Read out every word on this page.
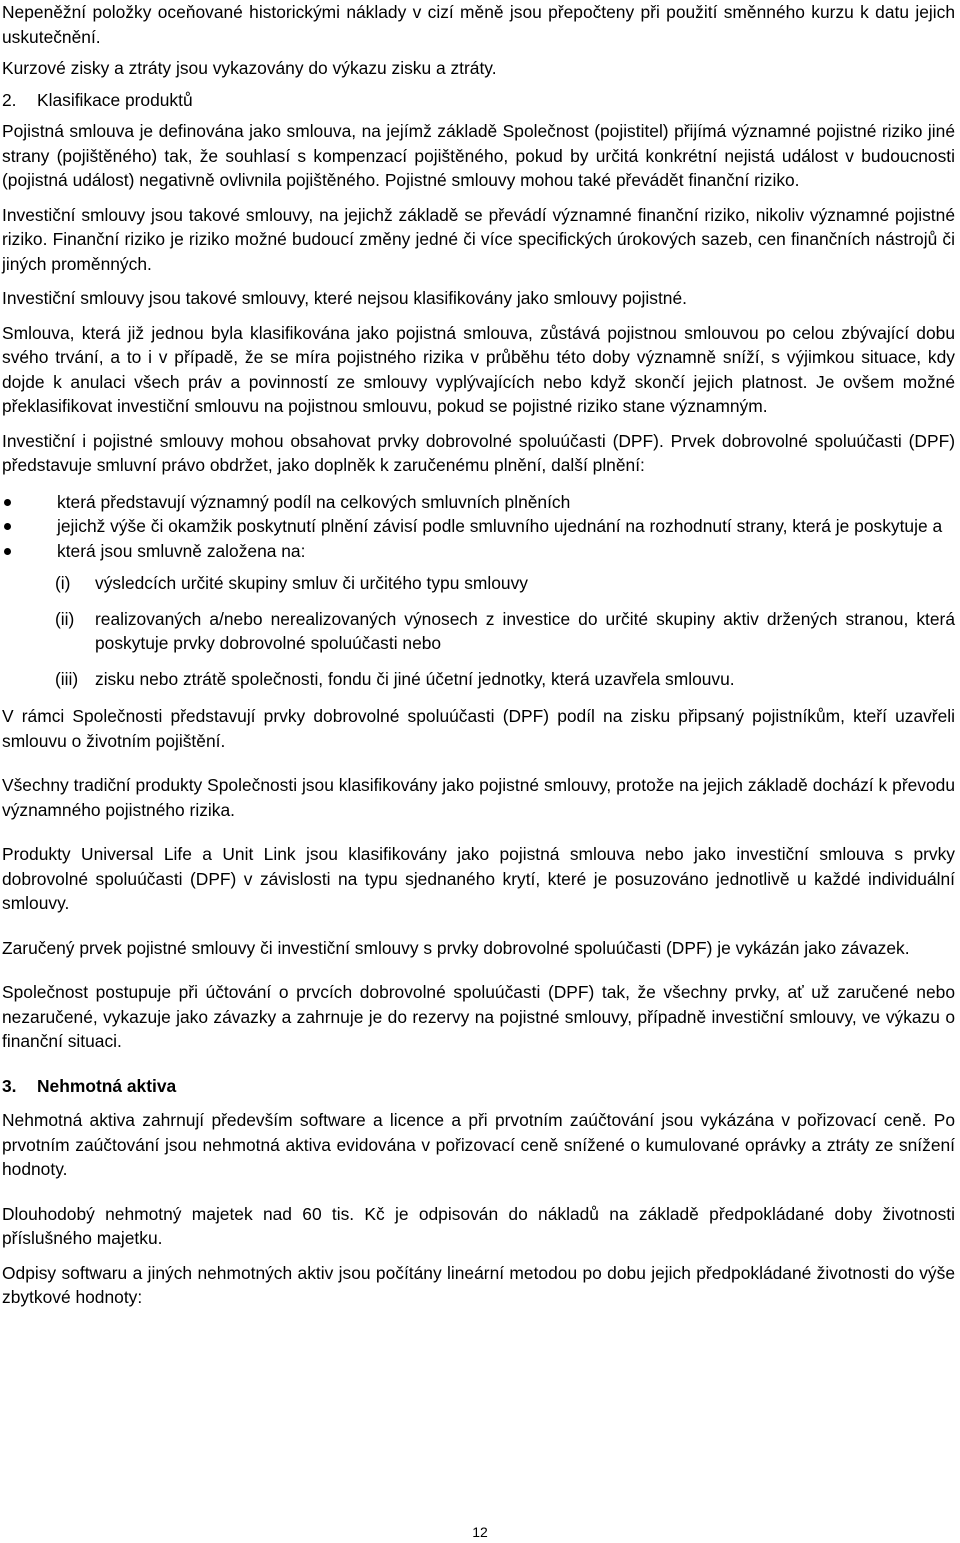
Nepeněžní položky oceňované historickými náklady v cizí měně jsou přepočteny při použití směnného kurzu k datu jejich uskutečnění.

Kurzové zisky a ztráty jsou vykazovány do výkazu zisku a ztráty.

2. Klasifikace produktů

Pojistná smlouva je definována jako smlouva, na jejímž základě Společnost (pojistitel) přijímá významné pojistné riziko jiné strany (pojištěného) tak, že souhlasí s kompenzací pojištěného, pokud by určitá konkrétní nejistá událost v budoucnosti (pojistná událost) negativně ovlivnila pojištěného. Pojistné smlouvy mohou také převádět finanční riziko.

Investiční smlouvy jsou takové smlouvy, na jejichž základě se převádí významné finanční riziko, nikoliv významné pojistné riziko. Finanční riziko je riziko možné budoucí změny jedné či více specifických úrokových sazeb, cen finančních nástrojů či jiných proměnných.

Investiční smlouvy jsou takové smlouvy, které nejsou klasifikovány jako smlouvy pojistné.

Smlouva, která již jednou byla klasifikována jako pojistná smlouva, zůstává pojistnou smlouvou po celou zbývající dobu svého trvání, a to i v případě, že se míra pojistného rizika v průběhu této doby významně sníží, s výjimkou situace, kdy dojde k anulaci všech práv a povinností ze smlouvy vyplývajících nebo když skončí jejich platnost. Je ovšem možné překlasifikovat investiční smlouvu na pojistnou smlouvu, pokud se pojistné riziko stane významným.

Investiční i pojistné smlouvy mohou obsahovat prvky dobrovolné spoluúčasti (DPF). Prvek dobrovolné spoluúčasti (DPF) představuje smluvní právo obdržet, jako doplněk k zaručenému plnění, další plnění:

která představují významný podíl na celkových smluvních plněních
jejichž výše či okamžik poskytnutí plnění závisí podle smluvního ujednání na rozhodnutí strany, která je poskytuje a
která jsou smluvně založena na:
(i) výsledcích určité skupiny smluv či určitého typu smlouvy
(ii) realizovaných a/nebo nerealizovaných výnosech z investice do určité skupiny aktiv držených stranou, která poskytuje prvky dobrovolné spoluúčasti nebo
(iii) zisku nebo ztrátě společnosti, fondu či jiné účetní jednotky, která uzavřela smlouvu.

V rámci Společnosti představují prvky dobrovolné spoluúčasti (DPF) podíl na zisku připsaný pojistníkům, kteří uzavřeli smlouvu o životním pojištění.

Všechny tradiční produkty Společnosti jsou klasifikovány jako pojistné smlouvy, protože na jejich základě dochází k převodu významného pojistného rizika.

Produkty Universal Life a Unit Link jsou klasifikovány jako pojistná smlouva nebo jako investiční smlouva s prvky dobrovolné spoluúčasti (DPF) v závislosti na typu sjednaného krytí, které je posuzováno jednotlivě u každé individuální smlouvy.

Zaručený prvek pojistné smlouvy či investiční smlouvy s prvky dobrovolné spoluúčasti (DPF) je vykázán jako závazek.

Společnost postupuje při účtování o prvcích dobrovolné spoluúčasti (DPF) tak, že všechny prvky, ať už zaručené nebo nezaručené, vykazuje jako závazky a zahrnuje je do rezervy na pojistné smlouvy, případně investiční smlouvy, ve výkazu o finanční situaci.

3. Nehmotná aktiva

Nehmotná aktiva zahrnují především software a licence a při prvotním zaúčtování jsou vykázána v pořizovací ceně. Po prvotním zaúčtování jsou nehmotná aktiva evidována v pořizovací ceně snížené o kumulované oprávky a ztráty ze snížení hodnoty.

Dlouhodobý nehmotný majetek nad 60 tis. Kč je odpisován do nákladů na základě předpokládané doby životnosti příslušného majetku.

Odpisy softwaru a jiných nehmotných aktiv jsou počítány lineární metodou po dobu jejich předpokládané životnosti do výše zbytkové hodnoty:

12
